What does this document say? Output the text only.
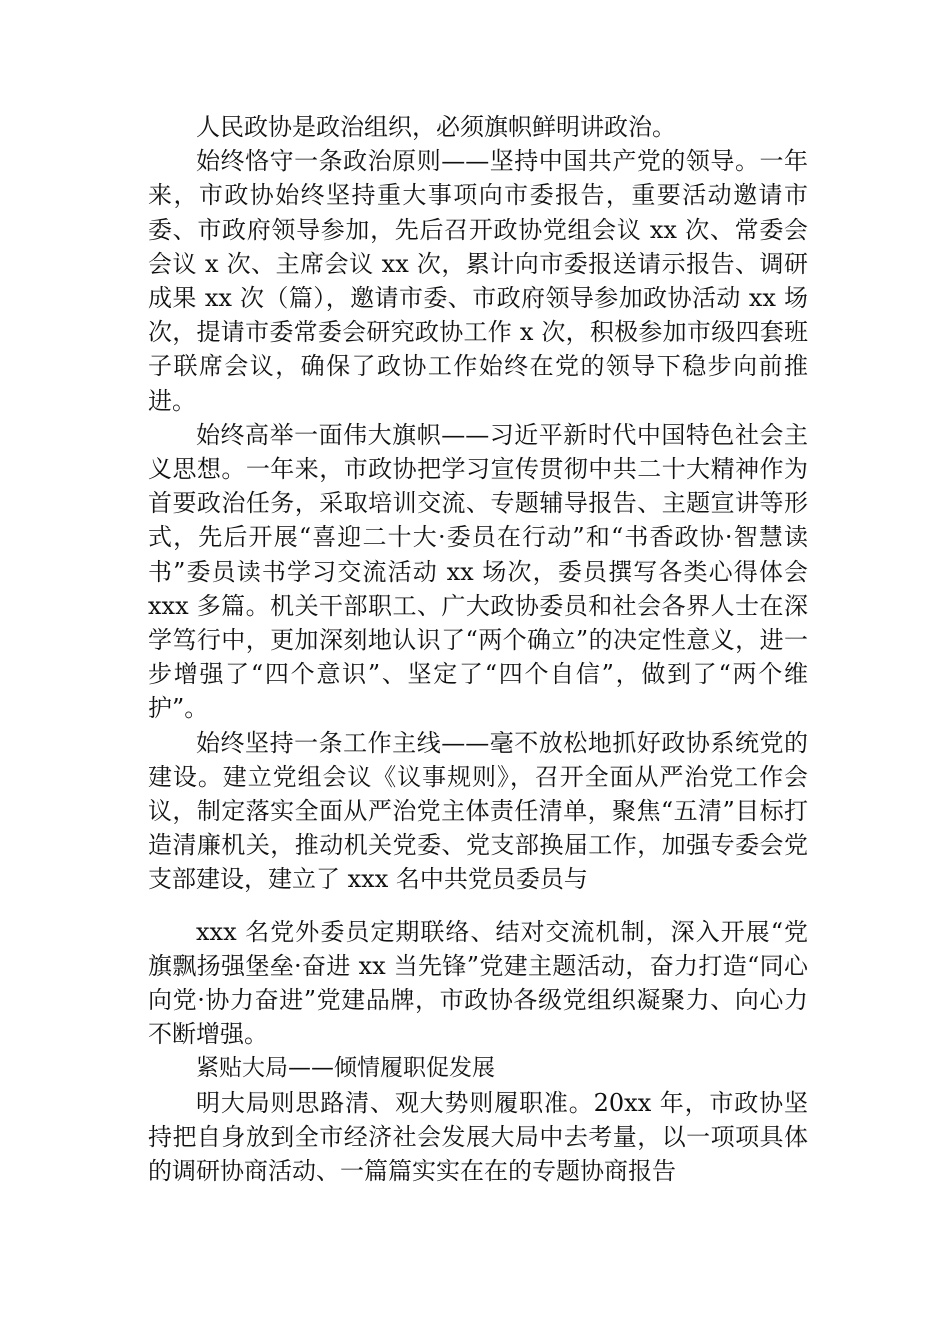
人民政协是政治组织，必须旗帜鲜明讲政治。

始终恪守一条政治原则——坚持中国共产党的领导。一年来，市政协始终坚持重大事项向市委报告，重要活动邀请市委、市政府领导参加，先后召开政协党组会议 xx 次、常委会会议 x 次、主席会议 xx 次，累计向市委报送请示报告、调研成果 xx 次（篇），邀请市委、市政府领导参加政协活动 xx 场次，提请市委常委会研究政协工作 x 次，积极参加市级四套班子联席会议，确保了政协工作始终在党的领导下稳步向前推进。

始终高举一面伟大旗帜——习近平新时代中国特色社会主义思想。一年来，市政协把学习宣传贯彻中共二十大精神作为首要政治任务，采取培训交流、专题辅导报告、主题宣讲等形式，先后开展“喜迎二十大·委员在行动”和“书香政协·智慧读书”委员读书学习交流活动 xx 场次，委员撰写各类心得体会 xxx 多篇。机关干部职工、广大政协委员和社会各界人士在深学笃行中，更加深刻地认识了“两个确立”的决定性意义，进一步增强了“四个意识”、坚定了“四个自信”，做到了“两个维护”。

始终坚持一条工作主线——毫不放松地抓好政协系统党的建设。建立党组会议《议事规则》，召开全面从严治党工作会议，制定落实全面从严治党主体责任清单，聚焦“五清”目标打造清廉机关，推动机关党委、党支部换届工作，加强专委会党支部建设，建立了 xxx 名中共党员委员与

xxx 名党外委员定期联络、结对交流机制，深入开展“党旗飘扬强堡垒·奋进 xx 当先锋”党建主题活动，奋力打造“同心向党·协力奋进”党建品牌，市政协各级党组织凝聚力、向心力不断增强。

紧贴大局——倾情履职促发展

明大局则思路清、观大势则履职准。20xx 年，市政协坚持把自身放到全市经济社会发展大局中去考量，以一项项具体的调研协商活动、一篇篇实实在在的专题协商报告
